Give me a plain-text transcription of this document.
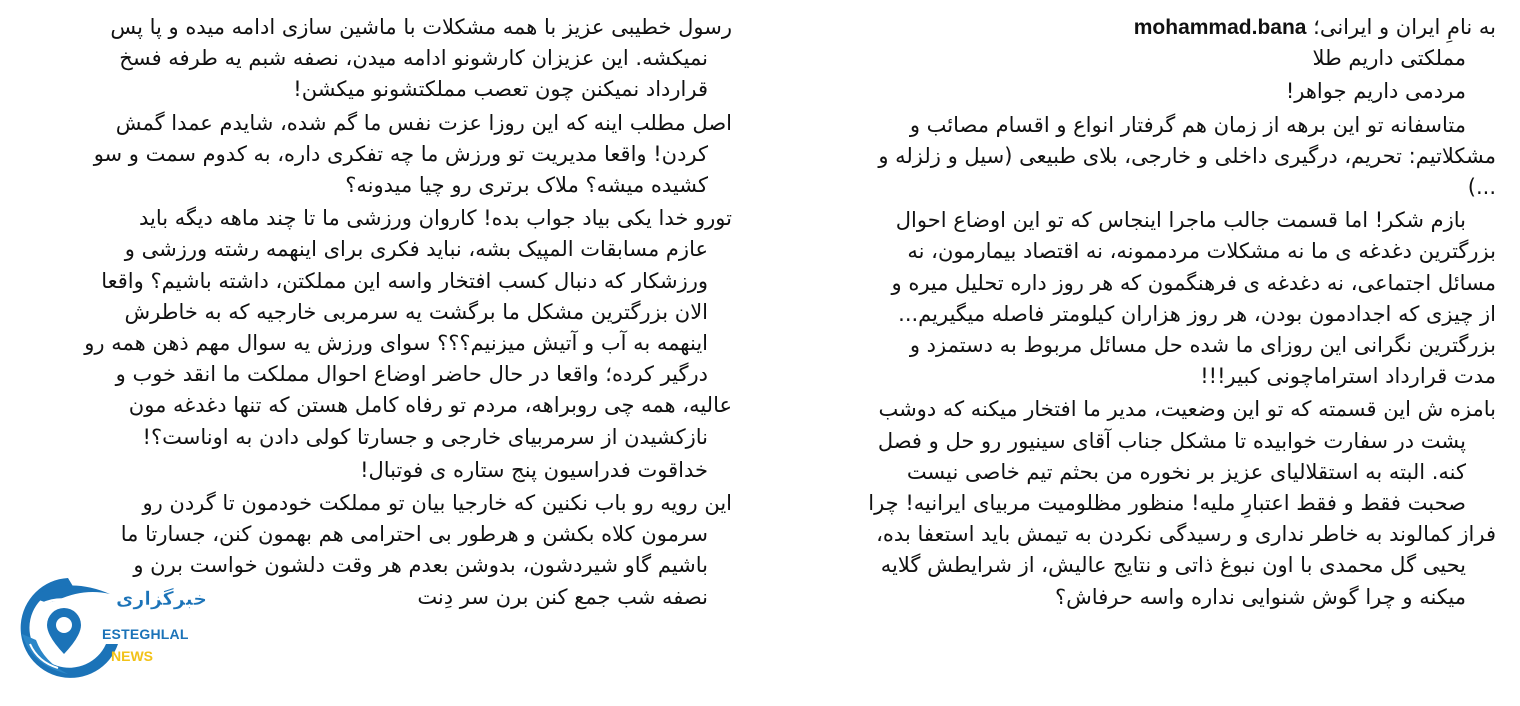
به نامِ ایران و ایرانی؛ mohammad.bana
مملکتی داریم طلا
مردمی داریم جواهر!
متاسفانه تو این برهه از زمان هم گرفتار انواع و اقسام مصائب و
مشکلاتیم: تحریم، درگیری داخلی و خارجی، بلای طبیعی (سیل و زلزله و
...)
بازم شکر! اما قسمت جالب ماجرا اینجاس که تو این اوضاع احوال
بزرگترین دغدغه ی ما نه مشکلات مردممونه، نه اقتصاد بیمارمون، نه
مسائل اجتماعی، نه دغدغه ی فرهنگمون که هر روز داره تحلیل میره و
از چیزی که اجدادمون بودن، هر روز هزاران کیلومتر فاصله میگیریم...
بزرگترین نگرانی این روزای ما شده حل مسائل مربوط به دستمزد و
مدت قرارداد استراماچونی کبیر!!!
بامزه ش این قسمته که تو این وضعیت، مدیر ما افتخار میکنه که دوشب
پشت در سفارت خوابیده تا مشکل جناب آقای سینیور رو حل و فصل
کنه. البته به استقلالیای عزیز بر نخوره من بحثم تیم خاصی نیست
صحبت فقط و فقط اعتبارِ ملیه! منظور مظلومیت مربیای ایرانیه! چرا
فراز کمالوند به خاطر نداری و رسیدگی نکردن به تیمش باید استعفا بده،
یحیی گل محمدی با اون نبوغ ذاتی و نتایج عالیش، از شرایطش گلایه
میکنه و چرا گوش شنوایی نداره واسه حرفاش؟
رسول خطیبی عزیز با همه مشکلات با ماشین سازی ادامه میده و پا پس
نمیکشه. این عزیزان کارشونو ادامه میدن، نصفه شبم یه طرفه فسخ
قرارداد نمیکنن چون تعصب مملکتشونو میکشن!
اصل مطلب اینه که این روزا عزت نفس ما گم شده، شایدم عمدا گمش
کردن! واقعا مدیریت تو ورزش ما چه تفکری داره، به کدوم سمت و سو
کشیده میشه؟ ملاک برتری رو چیا میدونه؟
تورو خدا یکی بیاد جواب بده! کاروان ورزشی ما تا چند ماهه دیگه باید
عازم مسابقات المپیک بشه، نباید فکری برای اینهمه رشته ورزشی و
ورزشکار که دنبال کسب افتخار واسه این مملکتن، داشته باشیم؟ واقعا
الان بزرگترین مشکل ما برگشت یه سرمربی خارجیه که به خاطرش
اینهمه به آب و آتیش میزنیم؟؟؟ سوای ورزش یه سوال مهم ذهن همه رو
درگیر کرده؛ واقعا در حال حاضر اوضاع احوال مملکت ما انقد خوب و
عالیه، همه چی روبراهه، مردم تو رفاه کامل هستن که تنها دغدغه مون
نازکشیدن از سرمربیای خارجی و جسارتا کولی دادن به اوناست؟!
خداقوت فدراسیون پنج ستاره ی فوتبال!
این رویه رو باب نکنین که خارجیا بیان تو مملکت خودمون تا گردن رو
سرمون کلاه بکشن و هرطور بی احترامی هم بهمون کنن، جسارتا ما
باشیم گاو شیردشون، بدوشن بعدم هر وقت دلشون خواست برن و
نصفه شب جمع کنن برن سر دِنت
خبرگزاری
ESTEGHLAL
NEWS
